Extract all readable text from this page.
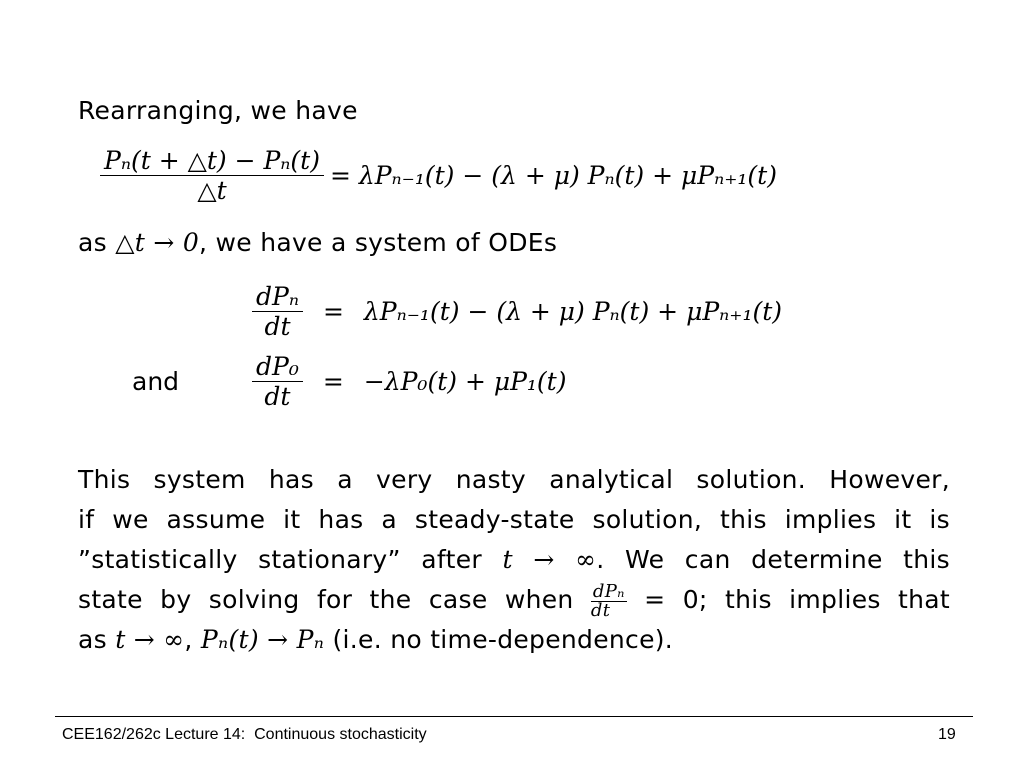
Rearranging, we have
$\frac{\text{Pₙ(t + △t) − Pₙ(t)}}{\triangle t} = \lambda P_{n-1}(t) - (\lambda + \mu) P_n(t) + \mu P_{n+1}(t)$
as △t → 0, we have a system of ODEs
$\frac{\text{dPₙ}}{dt} = \lambda P_{n-1}(t) - (\lambda + \mu) P_n(t) + \mu P_{n+1}(t)$
and	$\frac{\text{dP₀}}{dt} = -\lambda P_0(t) + \mu P_1(t)$
This system has a very nasty analytical solution. However,
if we assume it has a steady-state solution, this implies it is
”statistically stationary” after t → ∞. We can determine this
state by solving for the case when $\frac{\text{dPₙ}}{dt} = 0$; this implies that
as t → ∞, Pₙ(t) → Pₙ (i.e. no time-dependence).
CEE162/262c Lecture 14:  Continuous stochasticity	19
